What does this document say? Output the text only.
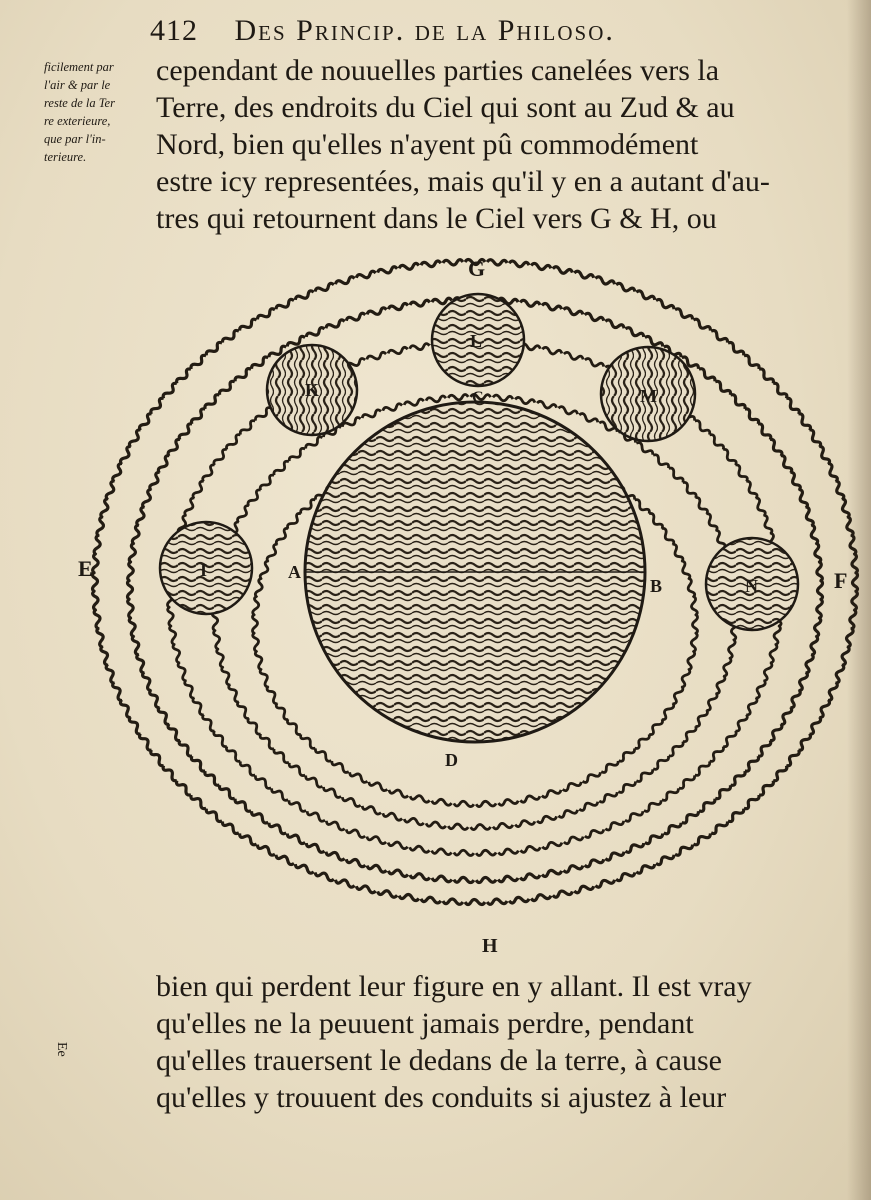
412 Des Princip. de la Philoso.
ficilement par
l'air & par le
reste de la Ter
re exterieure,
que par l'in-
terieure.
cependant de nouuelles parties canelées vers la
Terre, des endroits du Ciel qui sont au Zud & au
Nord, bien qu'elles n'ayent pû commodément
estre icy representées, mais qu'il y en a autant d'au-
tres qui retournent dans le Ciel vers G & H, ou
G
H
E	F
L
K	M
I
N
A
B
C
D
bien qui perdent leur figure en y allant. Il est vray
qu'elles ne la peuuent jamais perdre, pendant
qu'elles trauersent le dedans de la terre, à cause
qu'elles y trouuent des conduits si ajustez à leur
Ee
